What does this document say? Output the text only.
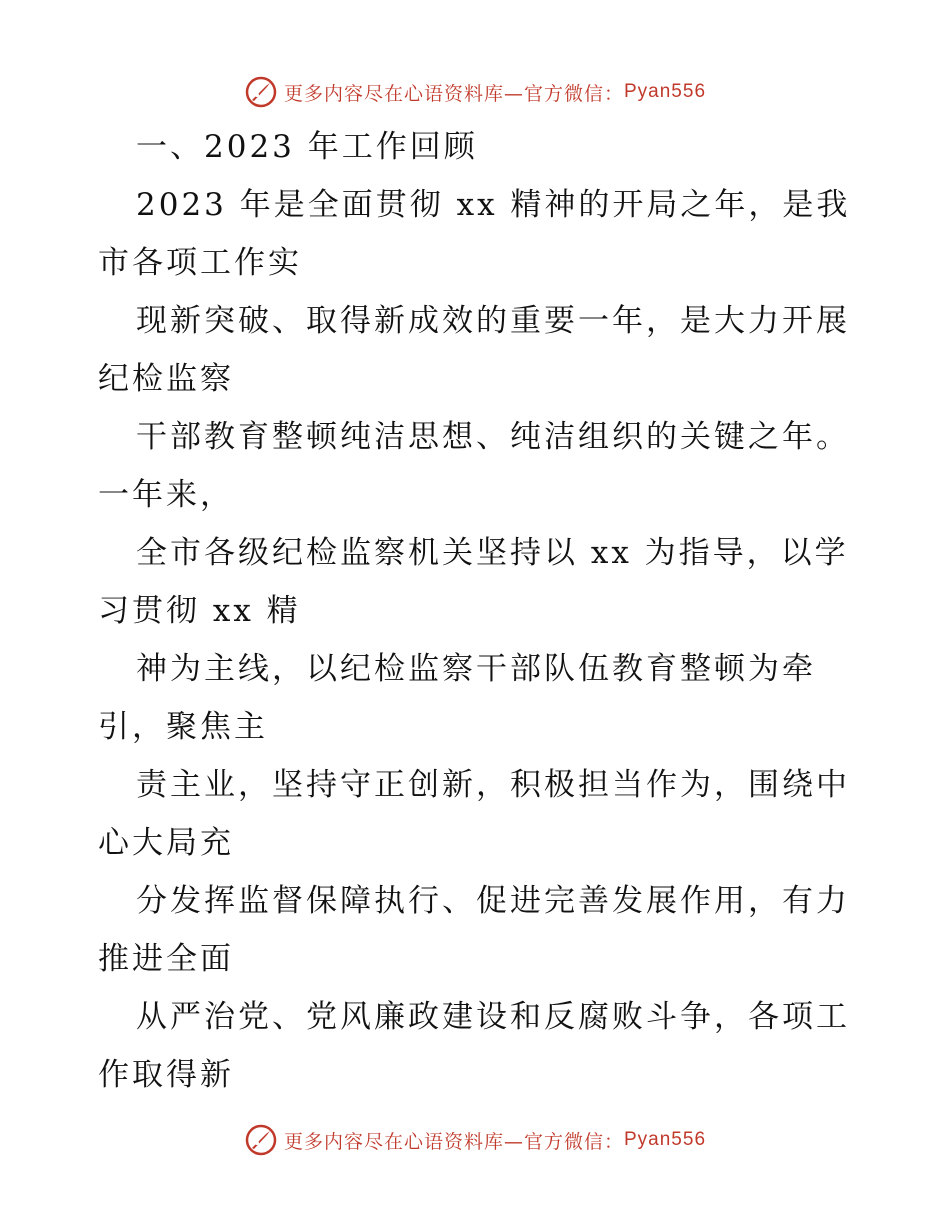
更多内容尽在心语资料库—官方微信： Pyan556
一、2023 年工作回顾
2023 年是全面贯彻 xx 精神的开局之年，是我
市各项工作实
现新突破、取得新成效的重要一年，是大力开展
纪检监察
干部教育整顿纯洁思想、纯洁组织的关键之年。
一年来，
全市各级纪检监察机关坚持以 xx 为指导，以学
习贯彻 xx 精
神为主线，以纪检监察干部队伍教育整顿为牵
引，聚焦主
责主业，坚持守正创新，积极担当作为，围绕中
心大局充
分发挥监督保障执行、促进完善发展作用，有力
推进全面
从严治党、党风廉政建设和反腐败斗争，各项工
作取得新
更多内容尽在心语资料库—官方微信： Pyan556
